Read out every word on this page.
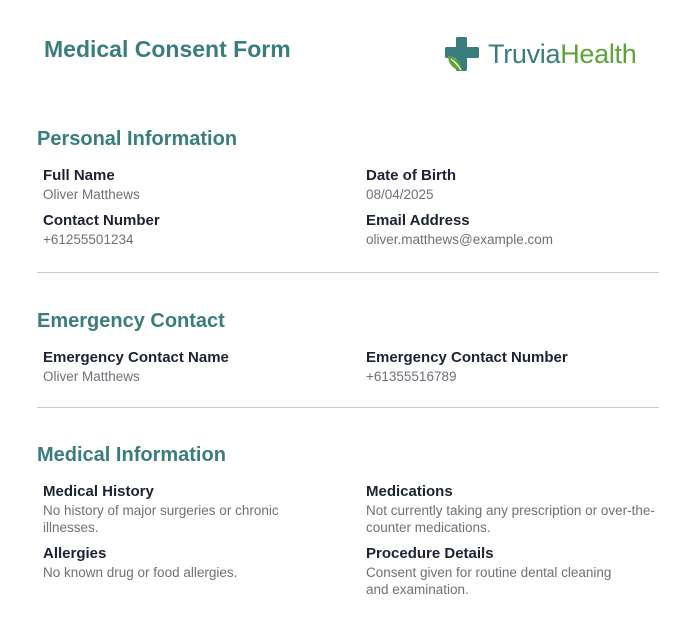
Medical Consent Form	TruviaHealth
Personal Information
Full Name
Oliver Matthews
Date of Birth
08/04/2025
Contact Number
+61255501234
Email Address
oliver.matthews@example.com
Emergency Contact
Emergency Contact Name
Oliver Matthews
Emergency Contact Number
+61355516789
Medical Information
Medical History
No history of major surgeries or chronic illnesses.
Medications
Not currently taking any prescription or over-the-counter medications.
Allergies
No known drug or food allergies.
Procedure Details
Consent given for routine dental cleaning and examination.
